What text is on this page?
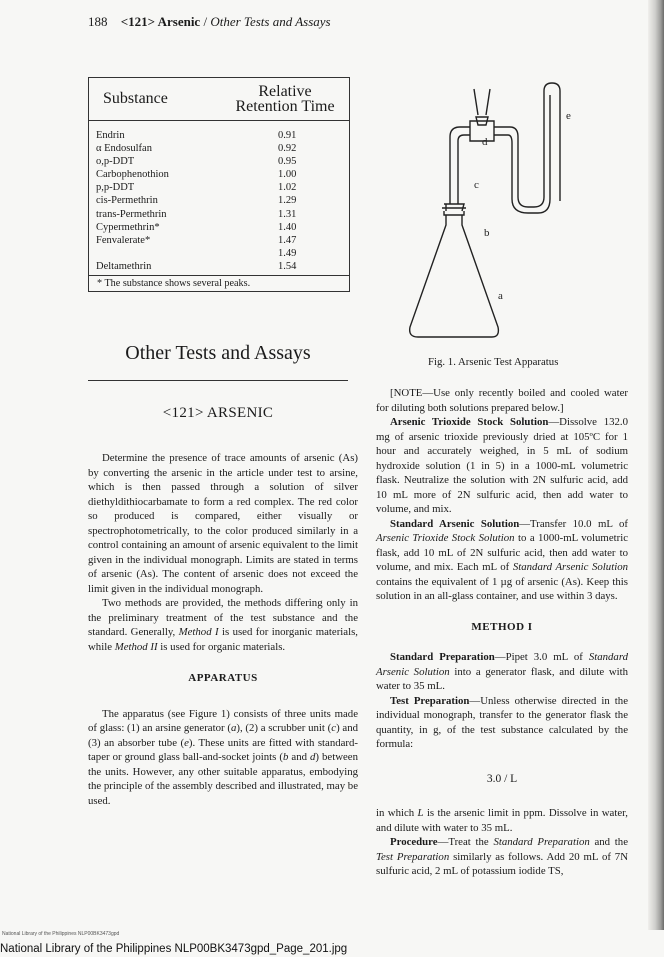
188 <121> Arsenic / Other Tests and Assays
Substance	Relative
Retention Time
Endrin
α Endosulfan
o,p-DDT
Carbophenothion
p,p-DDT
cis-Permethrin
trans-Permethrin
Cypermethrin*
Fenvalerate*

Deltamethrin
0.91
0.92
0.95
1.00
1.02
1.29
1.31
1.40
1.47
1.49
1.54
* The substance shows several peaks.
Other Tests and Assays
<121> ARSENIC

Determine the presence of trace amounts of arsenic (As) by converting the arsenic in the article under test to arsine, which is then passed through a solution of silver diethyldithiocarbamate to form a red complex. The red color so produced is compared, either visually or spectrophotometrically, to the color produced similarly in a control containing an amount of arsenic equivalent to the limit given in the individual monograph. Limits are stated in terms of arsenic (As). The content of arsenic does not exceed the limit given in the individual monograph.

Two methods are provided, the methods differing only in the preliminary treatment of the test substance and the standard. Generally, Method I is used for inorganic materials, while Method II is used for organic materials.

APPARATUS

The apparatus (see Figure 1) consists of three units made of glass: (1) an arsine generator (a), (2) a scrubber unit (c) and (3) an absorber tube (e). These units are fitted with standard-taper or ground glass ball-and-socket joints (b and d) between the units. However, any other suitable apparatus, embodying the principle of the assembly described and illustrated, may be used.

e
d
c
b
a
Fig. 1. Arsenic Test Apparatus

[NOTE—Use only recently boiled and cooled water for diluting both solutions prepared below.]

Arsenic Trioxide Stock Solution—Dissolve 132.0 mg of arsenic trioxide previously dried at 105ºC for 1 hour and accurately weighed, in 5 mL of sodium hydroxide solution (1 in 5) in a 1000-mL volumetric flask. Neutralize the solution with 2N sulfuric acid, add 10 mL more of 2N sulfuric acid, then add water to volume, and mix.

Standard Arsenic Solution—Transfer 10.0 mL of Arsenic Trioxide Stock Solution to a 1000-mL volumetric flask, add 10 mL of 2N sulfuric acid, then add water to volume, and mix. Each mL of Standard Arsenic Solution contains the equivalent of 1 µg of arsenic (As). Keep this solution in an all-glass container, and use within 3 days.

METHOD I

Standard Preparation—Pipet 3.0 mL of Standard Arsenic Solution into a generator flask, and dilute with water to 35 mL.

Test Preparation—Unless otherwise directed in the individual monograph, transfer to the generator flask the quantity, in g, of the test substance calculated by the formula:

3.0 / L

in which L is the arsenic limit in ppm. Dissolve in water, and dilute with water to 35 mL.

Procedure—Treat the Standard Preparation and the Test Preparation similarly as follows. Add 20 mL of 7N sulfuric acid, 2 mL of potassium iodide TS,

National Library of the Philippines NLP00BK3473gpd
National Library of the Philippines NLP00BK3473gpd_Page_201.jpg
